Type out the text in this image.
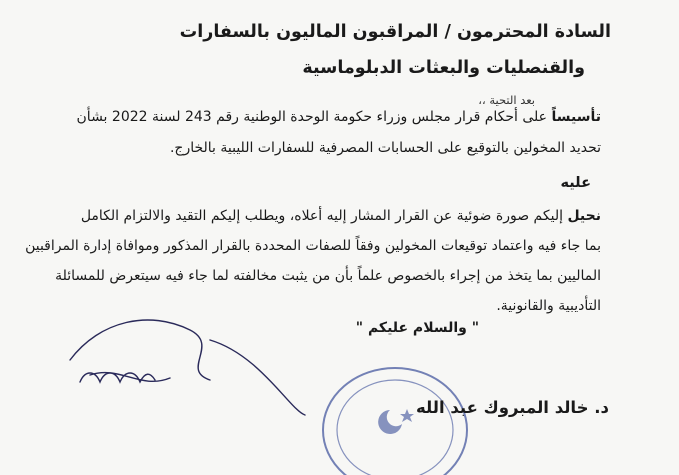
السادة المحترمون / المراقبون الماليون بالسفارات
والقنصليات والبعثات الدبلوماسية
بعد التحية ،،
تأسيساً على أحكام قرار مجلس وزراء حكومة الوحدة الوطنية رقم 243 لسنة 2022 بشأن
تحديد المخولين بالتوقيع على الحسابات المصرفية للسفارات الليبية بالخارج.
عليه
نحيل إليكم صورة ضوئية عن القرار المشار إليه أعلاه، ويطلب إليكم التقيد والالتزام الكامل
بما جاء فيه واعتماد توقيعات المخولين وفقاً للصفات المحددة بالقرار المذكور وموافاة إدارة المراقبين
الماليين بما يتخذ من إجراء بالخصوص علماً بأن من يثبت مخالفته لما جاء فيه سيتعرض للمسائلة
التأديبية والقانونية.
" والسلام عليكم "
د. خالد المبروك عبد الله
